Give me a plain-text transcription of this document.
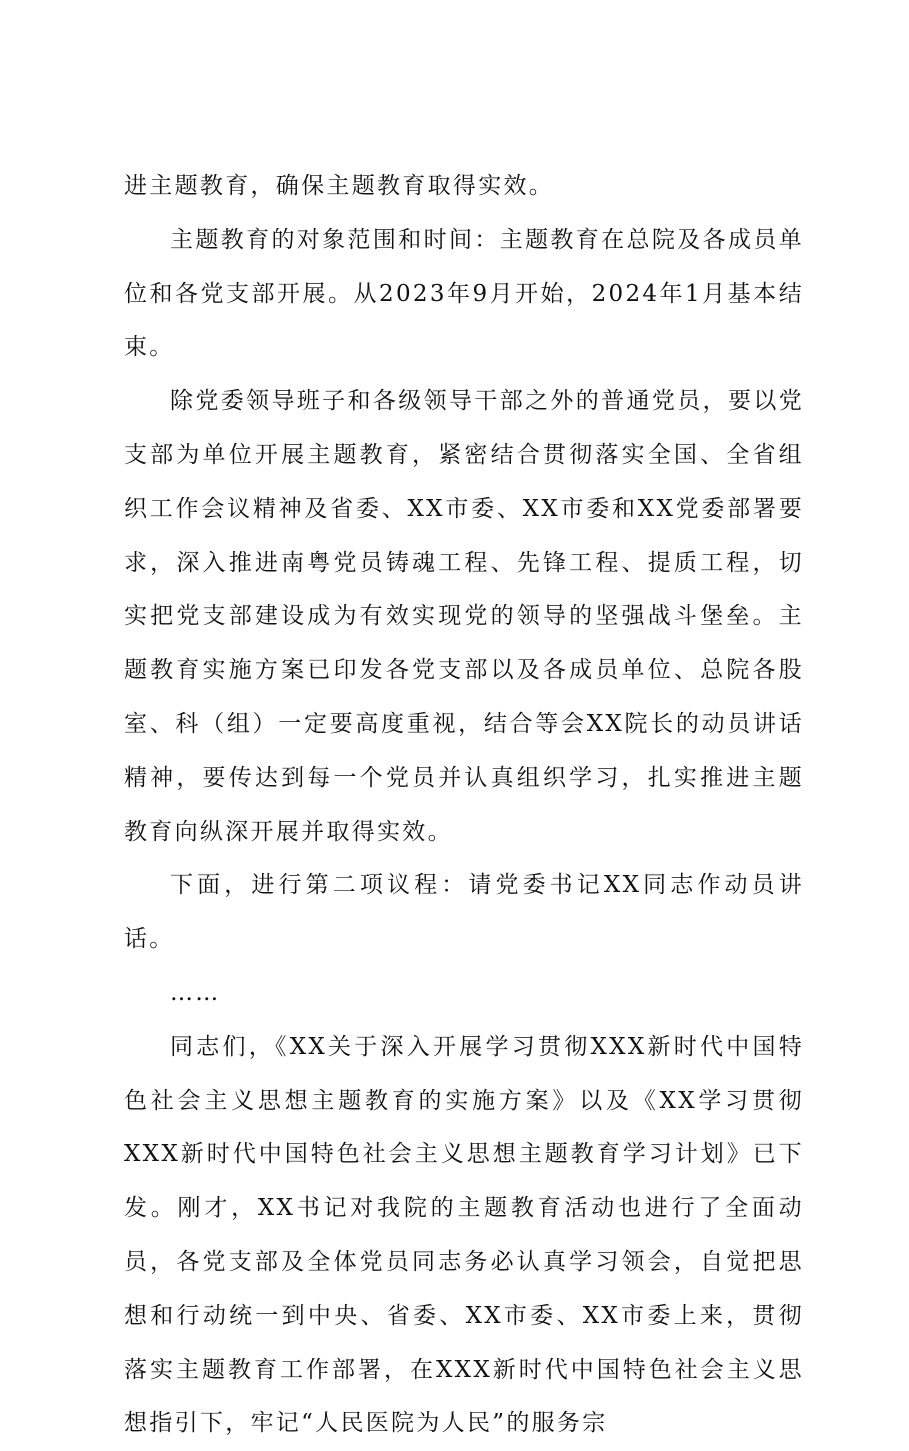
进主题教育，确保主题教育取得实效。

主题教育的对象范围和时间：主题教育在总院及各成员单位和各党支部开展。从2023年9月开始，2024年1月基本结束。

除党委领导班子和各级领导干部之外的普通党员，要以党支部为单位开展主题教育，紧密结合贯彻落实全国、全省组织工作会议精神及省委、XX市委、XX市委和XX党委部署要求，深入推进南粤党员铸魂工程、先锋工程、提质工程，切实把党支部建设成为有效实现党的领导的坚强战斗堡垒。主题教育实施方案已印发各党支部以及各成员单位、总院各股室、科（组）一定要高度重视，结合等会XX院长的动员讲话精神，要传达到每一个党员并认真组织学习，扎实推进主题教育向纵深开展并取得实效。

下面，进行第二项议程：请党委书记XX同志作动员讲话。

……

同志们，《XX关于深入开展学习贯彻XXX新时代中国特色社会主义思想主题教育的实施方案》以及《XX学习贯彻XXX新时代中国特色社会主义思想主题教育学习计划》已下发。刚才，XX书记对我院的主题教育活动也进行了全面动员，各党支部及全体党员同志务必认真学习领会，自觉把思想和行动统一到中央、省委、XX市委、XX市委上来，贯彻落实主题教育工作部署，在XXX新时代中国特色社会主义思想指引下，牢记“人民医院为人民”的服务宗
